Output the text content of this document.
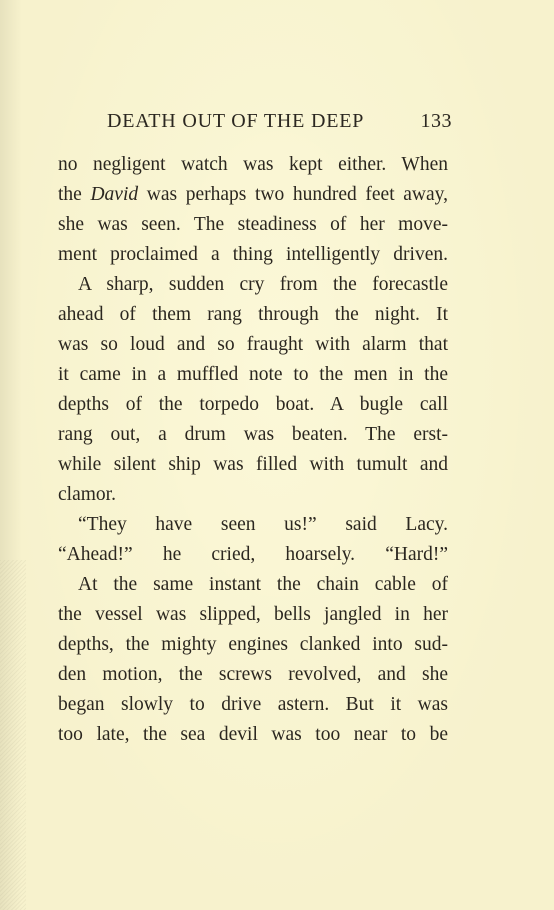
DEATH OUT OF THE DEEP	133
no negligent watch was kept either. When
the David was perhaps two hundred feet away,
she was seen. The steadiness of her move-
ment proclaimed a thing intelligently driven.
A sharp, sudden cry from the forecastle
ahead of them rang through the night. It
was so loud and so fraught with alarm that
it came in a muffled note to the men in the
depths of the torpedo boat. A bugle call
rang out, a drum was beaten. The erst-
while silent ship was filled with tumult and
clamor.
“They have seen us!” said Lacy.
“Ahead!” he cried, hoarsely. “Hard!”
At the same instant the chain cable of
the vessel was slipped, bells jangled in her
depths, the mighty engines clanked into sud-
den motion, the screws revolved, and she
began slowly to drive astern. But it was
too late, the sea devil was too near to be
